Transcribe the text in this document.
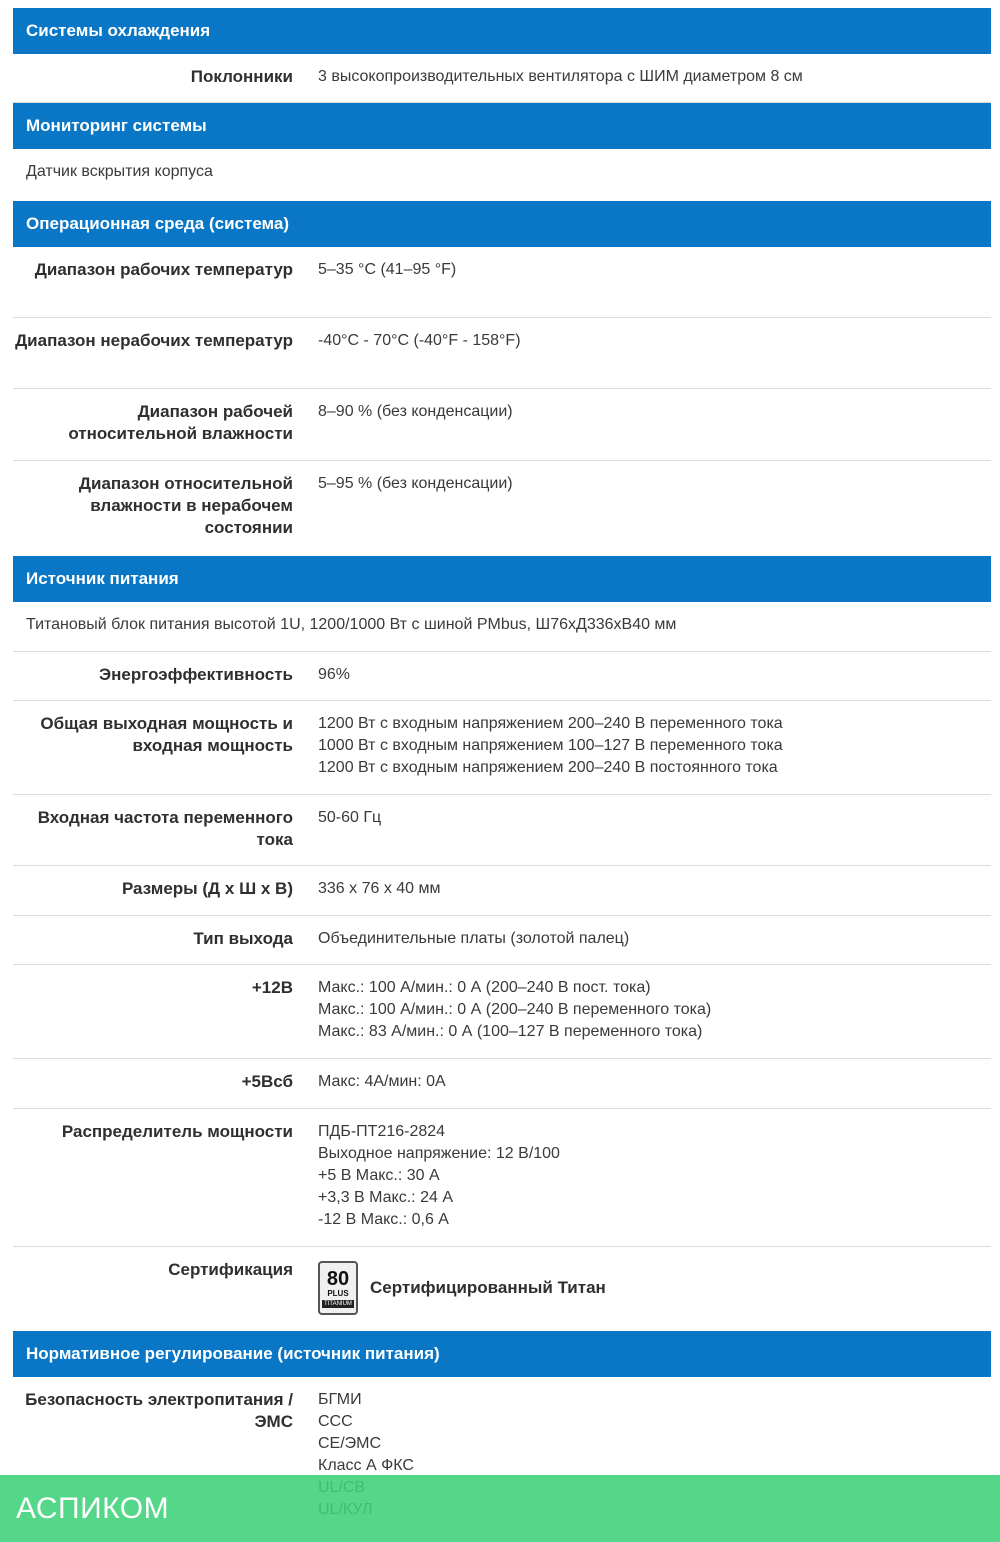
Системы охлаждения
Поклонники 3 высокопроизводительных вентилятора с ШИМ диаметром 8 см
Мониторинг системы
Датчик вскрытия корпуса
Операционная среда (система)
Диапазон рабочих температур 5–35 °C (41–95 °F)
Диапазон нерабочих температур -40°C - 70°C (-40°F - 158°F)
Диапазон рабочей относительной влажности
8–90 % (без конденсации)
Диапазон относительной влажности в нерабочем состоянии
5–95 % (без конденсации)
Источник питания
Титановый блок питания высотой 1U, 1200/1000 Вт с шиной PMbus, Ш76хД336хВ40 мм
Энергоэффективность 96%
Общая выходная мощность и входная мощность
1200 Вт с входным напряжением 200–240 В переменного тока
1000 Вт с входным напряжением 100–127 В переменного тока
1200 Вт с входным напряжением 200–240 В постоянного тока
Входная частота переменного тока
50-60 Гц
Размеры (Д х Ш х В) 336 x 76 x 40 мм
Тип выхода Объединительные платы (золотой палец)
+12В Макс.: 100 А/мин.: 0 А (200–240 В пост. тока)
Макс.: 100 А/мин.: 0 А (200–240 В переменного тока)
Макс.: 83 А/мин.: 0 А (100–127 В переменного тока)
+5Всб Макс: 4А/мин: 0А
Распределитель мощности ПДБ-ПТ216-2824
Выходное напряжение: 12 В/100
+5 В Макс.: 30 А
+3,3 В Макс.: 24 А
-12 В Макс.: 0,6 А
Сертификация 80
PLUS
TITANIUM
Сертифицированный Титан
Нормативное регулирование (источник питания)
Безопасность электропитания / ЭМС
БГМИ
CCC
CE/ЭМС
Класс А ФКС
АСПИКОМ
